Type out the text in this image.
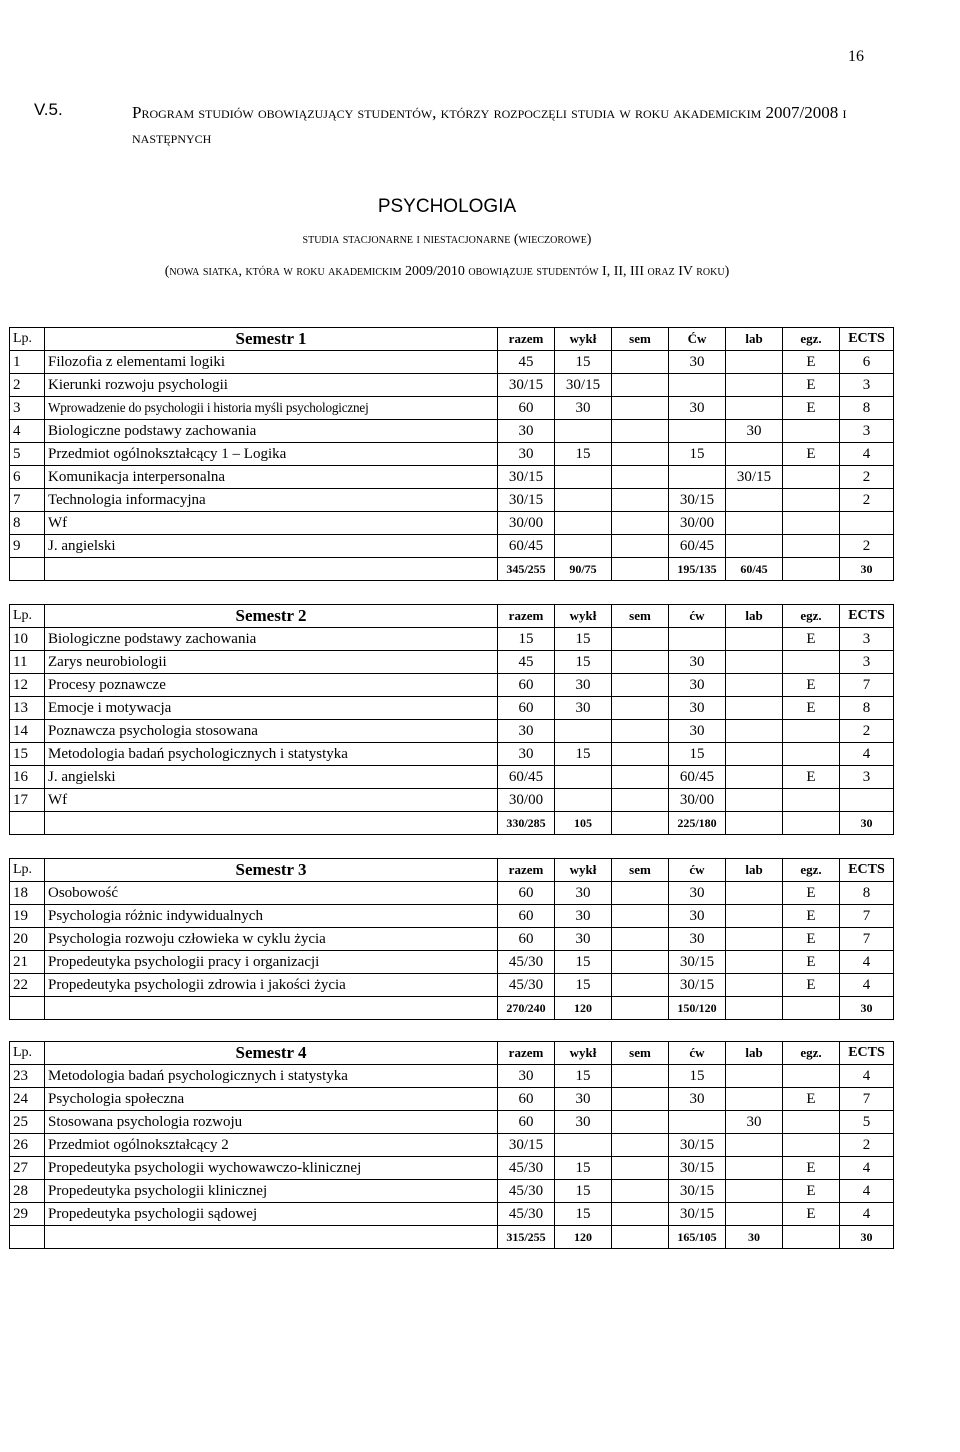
16
V.5.	Program studiów obowiązujący studentów, którzy rozpoczęli studia w roku akademickim 2007/2008 i następnych
PSYCHOLOGIA
studia stacjonarne i niestacjonarne (wieczorowe)
(nowa siatka, która w roku akademickim 2009/2010 obowiązuje studentów I, II, III oraz IV roku)
Lp.	Semestr 1	razem	wykł	sem	Ćw	lab	egz.	ECTS
1	Filozofia z elementami logiki	45	15		30		E	6
2	Kierunki rozwoju psychologii	30/15	30/15				E	3
3	Wprowadzenie do psychologii i historia myśli psychologicznej	60	30		30		E	8
4	Biologiczne podstawy zachowania	30				30		3
5	Przedmiot ogólnokształcący 1 – Logika	30	15		15		E	4
6	Komunikacja interpersonalna	30/15				30/15		2
7	Technologia informacyjna	30/15			30/15			2
8	Wf	30/00			30/00			
9	J. angielski	60/45			60/45			2
		345/255	90/75		195/135	60/45		30
Lp.	Semestr 2	razem	wykł	sem	ćw	lab	egz.	ECTS
10	Biologiczne podstawy zachowania	15	15				E	3
11	Zarys neurobiologii	45	15		30			3
12	Procesy poznawcze	60	30		30		E	7
13	Emocje i motywacja	60	30		30		E	8
14	Poznawcza psychologia stosowana	30			30			2
15	Metodologia badań psychologicznych i statystyka	30	15		15			4
16	J. angielski	60/45			60/45		E	3
17	Wf	30/00			30/00			
		330/285	105		225/180			30
Lp.	Semestr 3	razem	wykł	sem	ćw	lab	egz.	ECTS
18	Osobowość	60	30		30		E	8
19	Psychologia różnic indywidualnych	60	30		30		E	7
20	Psychologia rozwoju człowieka w cyklu życia	60	30		30		E	7
21	Propedeutyka psychologii pracy i organizacji	45/30	15		30/15		E	4
22	Propedeutyka psychologii zdrowia i jakości życia	45/30	15		30/15		E	4
		270/240	120		150/120			30
Lp.	Semestr 4	razem	wykł	sem	ćw	lab	egz.	ECTS
23	Metodologia badań psychologicznych i statystyka	30	15		15			4
24	Psychologia społeczna	60	30		30		E	7
25	Stosowana psychologia rozwoju	60	30			30		5
26	Przedmiot ogólnokształcący 2	30/15			30/15			2
27	Propedeutyka psychologii wychowawczo-klinicznej	45/30	15		30/15		E	4
28	Propedeutyka psychologii klinicznej	45/30	15		30/15		E	4
29	Propedeutyka psychologii sądowej	45/30	15		30/15		E	4
		315/255	120		165/105	30		30
